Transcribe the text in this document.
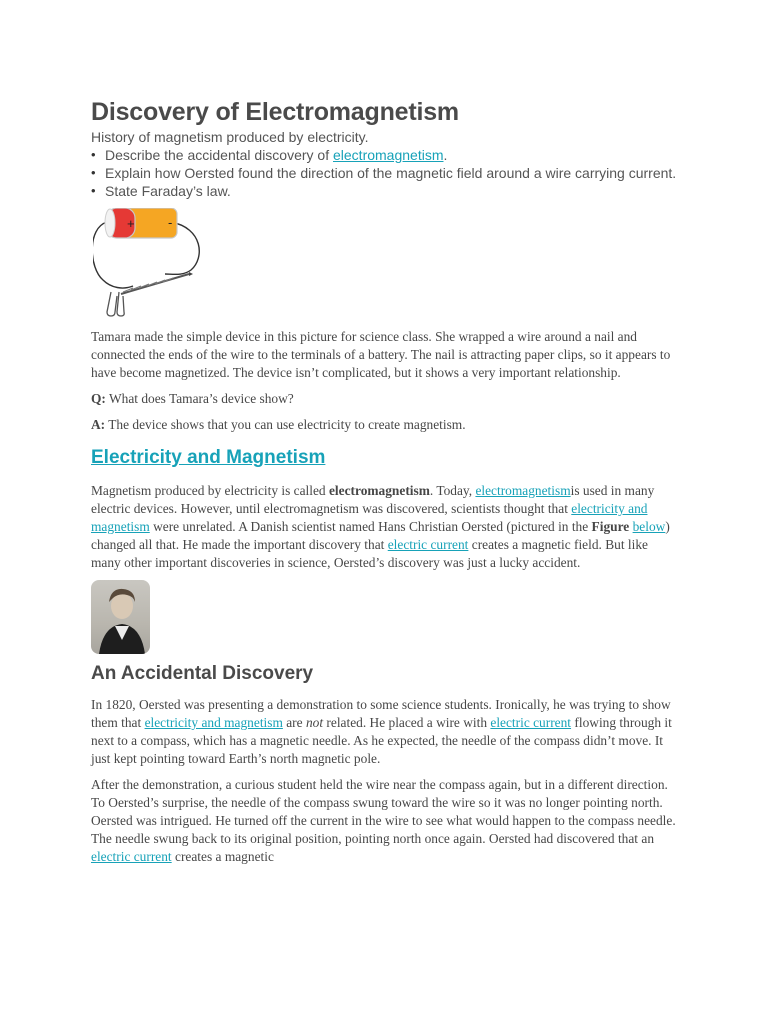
Discovery of Electromagnetism

History of magnetism produced by electricity.

• Describe the accidental discovery of electromagnetism.
• Explain how Oersted found the direction of the magnetic field around a wire carrying current.
• State Faraday’s law.
+	-

Tamara made the simple device in this picture for science class. She wrapped a wire around a nail and connected the ends of the wire to the terminals of a battery. The nail is attracting paper clips, so it appears to have become magnetized. The device isn’t complicated, but it shows a very important relationship.

Q: What does Tamara’s device show?

A: The device shows that you can use electricity to create magnetism.

Electricity and Magnetism

Magnetism produced by electricity is called electromagnetism. Today, electromagnetismis used in many electric devices. However, until electromagnetism was discovered, scientists thought that electricity and magnetism were unrelated. A Danish scientist named Hans Christian Oersted (pictured in the Figure below) changed all that. He made the important discovery that electric current creates a magnetic field. But like many other important discoveries in science, Oersted’s discovery was just a lucky accident.

An Accidental Discovery

In 1820, Oersted was presenting a demonstration to some science students. Ironically, he was trying to show them that electricity and magnetism are not related. He placed a wire with electric current flowing through it next to a compass, which has a magnetic needle. As he expected, the needle of the compass didn’t move. It just kept pointing toward Earth’s north magnetic pole.

After the demonstration, a curious student held the wire near the compass again, but in a different direction. To Oersted’s surprise, the needle of the compass swung toward the wire so it was no longer pointing north. Oersted was intrigued. He turned off the current in the wire to see what would happen to the compass needle. The needle swung back to its original position, pointing north once again. Oersted had discovered that an electric current creates a magnetic
